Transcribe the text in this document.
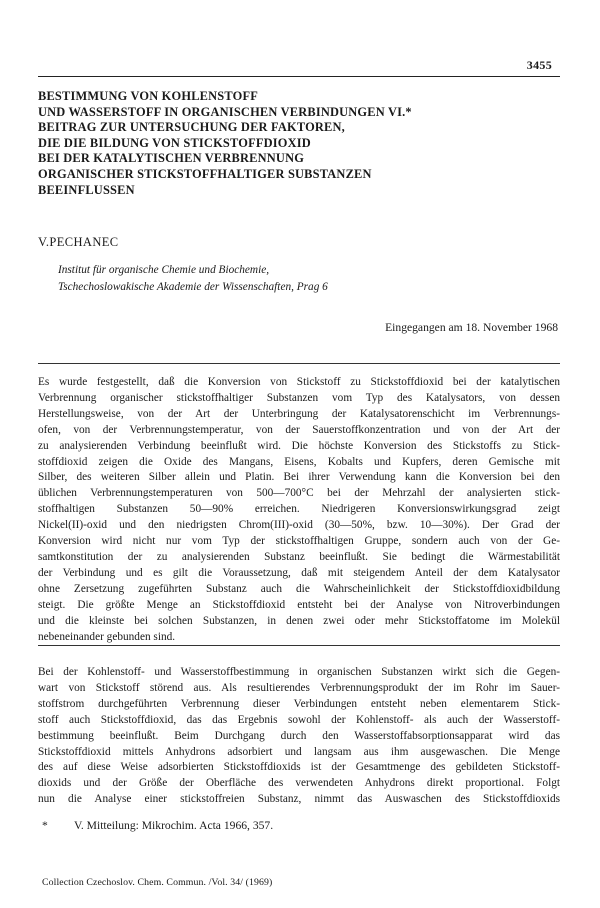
3455
BESTIMMUNG VON KOHLENSTOFF
UND WASSERSTOFF IN ORGANISCHEN VERBINDUNGEN VI.*
BEITRAG ZUR UNTERSUCHUNG DER FAKTOREN,
DIE DIE BILDUNG VON STICKSTOFFDIOXID
BEI DER KATALYTISCHEN VERBRENNUNG
ORGANISCHER STICKSTOFFHALTIGER SUBSTANZEN
BEEINFLUSSEN
V.PECHANEC
Institut für organische Chemie und Biochemie,
Tschechoslowakische Akademie der Wissenschaften, Prag 6
Eingegangen am 18. November 1968
Es wurde festgestellt, daß die Konversion von Stickstoff zu Stickstoffdioxid bei der katalytischen
Verbrennung organischer stickstoffhaltiger Substanzen vom Typ des Katalysators, von dessen
Herstellungsweise, von der Art der Unterbringung der Katalysatorenschicht im Verbrennungs-
ofen, von der Verbrennungstemperatur, von der Sauerstoffkonzentration und von der Art der
zu analysierenden Verbindung beeinflußt wird. Die höchste Konversion des Stickstoffs zu Stick-
stoffdioxid zeigen die Oxide des Mangans, Eisens, Kobalts und Kupfers, deren Gemische mit
Silber, des weiteren Silber allein und Platin. Bei ihrer Verwendung kann die Konversion bei den
üblichen Verbrennungstemperaturen von 500—700°C bei der Mehrzahl der analysierten stick-
stoffhaltigen Substanzen 50—90% erreichen. Niedrigeren Konversionswirkungsgrad zeigt
Nickel(II)-oxid und den niedrigsten Chrom(III)-oxid (30—50%, bzw. 10—30%). Der Grad der
Konversion wird nicht nur vom Typ der stickstoffhaltigen Gruppe, sondern auch von der Ge-
samtkonstitution der zu analysierenden Substanz beeinflußt. Sie bedingt die Wärmestabilität
der Verbindung und es gilt die Voraussetzung, daß mit steigendem Anteil der dem Katalysator
ohne Zersetzung zugeführten Substanz auch die Wahrscheinlichkeit der Stickstoffdioxidbildung
steigt. Die größte Menge an Stickstoffdioxid entsteht bei der Analyse von Nitroverbindungen
und die kleinste bei solchen Substanzen, in denen zwei oder mehr Stickstoffatome im Molekül
nebeneinander gebunden sind.
Bei der Kohlenstoff- und Wasserstoffbestimmung in organischen Substanzen wirkt sich die Gegen-
wart von Stickstoff störend aus. Als resultierendes Verbrennungsprodukt der im Rohr im Sauer-
stoffstrom durchgeführten Verbrennung dieser Verbindungen entsteht neben elementarem Stick-
stoff auch Stickstoffdioxid, das das Ergebnis sowohl der Kohlenstoff- als auch der Wasserstoff-
bestimmung beeinflußt. Beim Durchgang durch den Wasserstoffabsorptionsapparat wird das
Stickstoffdioxid mittels Anhydrons adsorbiert und langsam aus ihm ausgewaschen. Die Menge
des auf diese Weise adsorbierten Stickstoffdioxids ist der Gesamtmenge des gebildeten Stickstoff-
dioxids und der Größe der Oberfläche des verwendeten Anhydrons direkt proportional. Folgt
nun die Analyse einer stickstoffreien Substanz, nimmt das Auswaschen des Stickstoffdioxids
* V. Mitteilung: Mikrochim. Acta 1966, 357.
Collection Czechoslov. Chem. Commun. /Vol. 34/ (1969)
